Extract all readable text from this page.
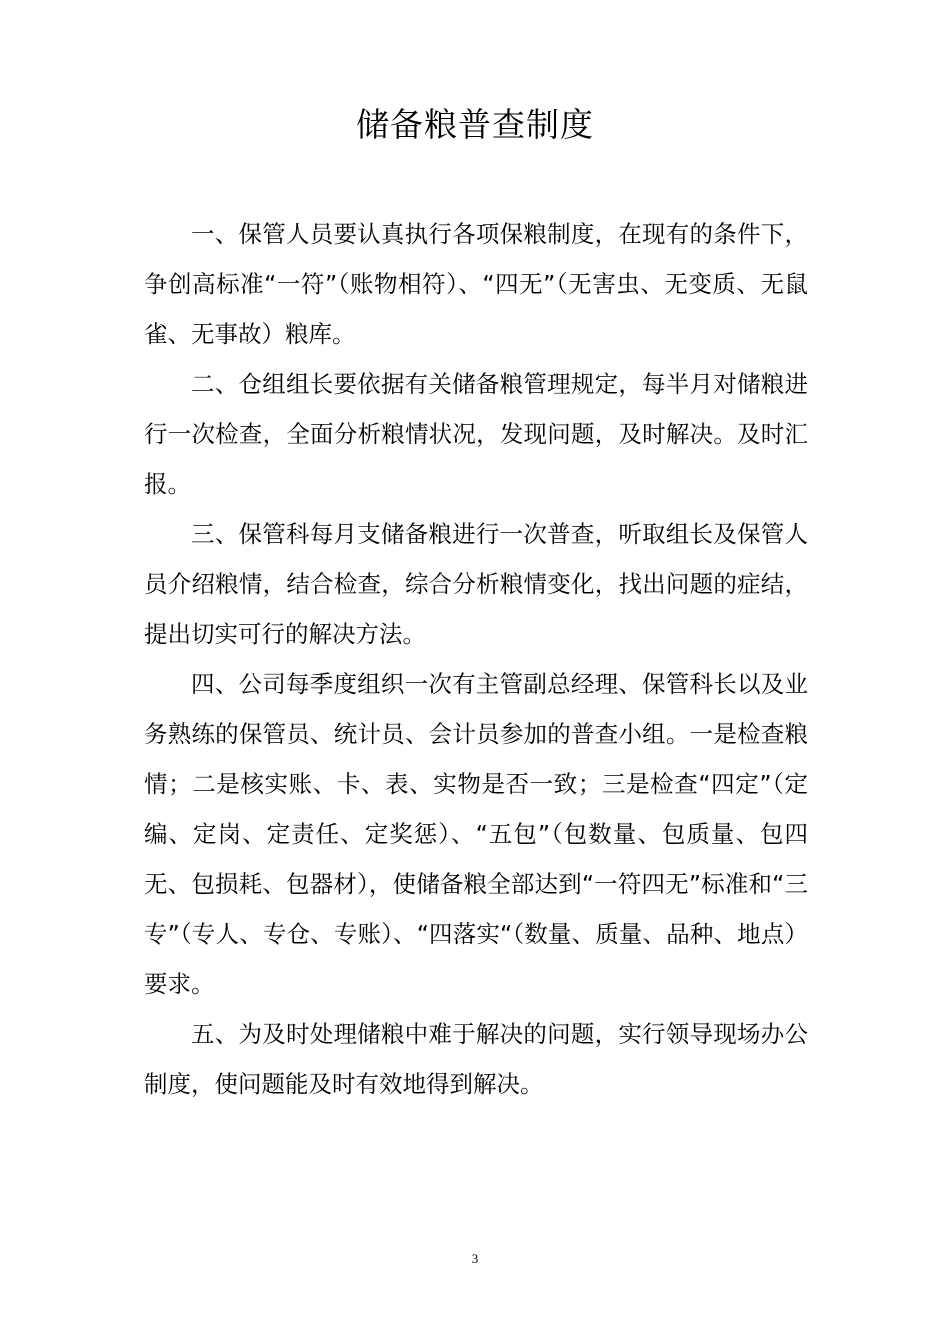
储备粮普查制度

一、保管人员要认真执行各项保粮制度，在现有的条件下，争创高标准“一符”（账物相符）、“四无”（无害虫、无变质、无鼠雀、无事故）粮库。

二、仓组组长要依据有关储备粮管理规定，每半月对储粮进行一次检查，全面分析粮情状况，发现问题，及时解决。及时汇报。

三、保管科每月支储备粮进行一次普查，听取组长及保管人员介绍粮情，结合检查，综合分析粮情变化，找出问题的症结，提出切实可行的解决方法。

四、公司每季度组织一次有主管副总经理、保管科长以及业务熟练的保管员、统计员、会计员参加的普查小组。一是检查粮情；二是核实账、卡、表、实物是否一致；三是检查“四定”（定编、定岗、定责任、定奖惩）、“五包”（包数量、包质量、包四无、包损耗、包器材），使储备粮全部达到“一符四无”标准和“三专”（专人、专仓、专账）、“四落实“（数量、质量、品种、地点）要求。

五、为及时处理储粮中难于解决的问题，实行领导现场办公制度，使问题能及时有效地得到解决。

3
